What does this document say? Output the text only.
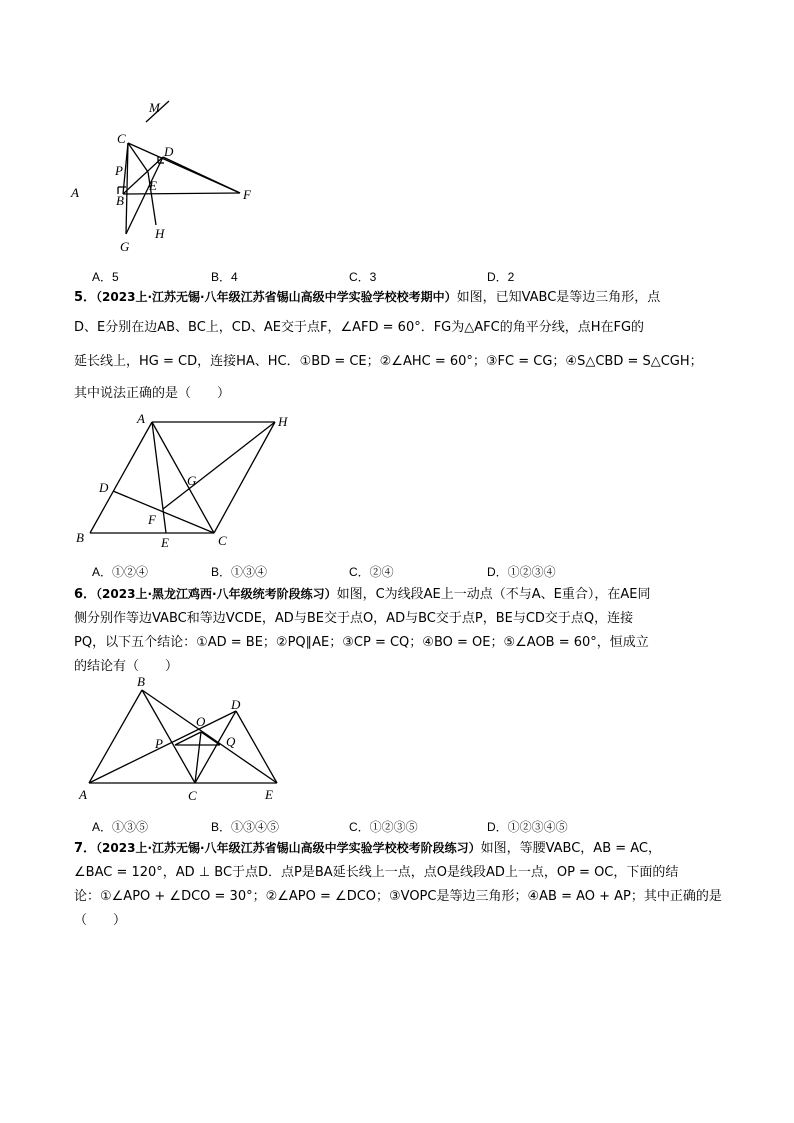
M
C
D
P
A	E
F
B
G
H
A．5	B．4	C．3	D．2
5．（2023上·江苏无锡·八年级江苏省锡山高级中学实验学校校考期中）如图，已知VABC是等边三角形，点
D、E分别在边AB、BC上，CD、AE交于点F，∠AFD = 60°．FG为△AFC的角平分线，点H在FG的
延长线上，HG = CD，连接HA、HC．①BD = CE；②∠AHC = 60°；③FC = CG；④S△CBD = S△CGH；
其中说法正确的是（　　）
A	H
D	G
F
B	E	C
A．①②④	B．①③④	C．②④	D．①②③④
6．（2023上·黑龙江鸡西·八年级统考阶段练习）如图，C为线段AE上一动点（不与A、E重合），在AE同
侧分别作等边VABC和等边VCDE，AD与BE交于点O，AD与BC交于点P，BE与CD交于点Q，连接
PQ，以下五个结论：①AD = BE；②PQ∥AE；③CP = CQ；④BO = OE；⑤∠AOB = 60°，恒成立
的结论有（　　）
B
D
O
P	Q
A	C	E
A．①③⑤	B．①③④⑤	C．①②③⑤	D．①②③④⑤
7．（2023上·江苏无锡·八年级江苏省锡山高级中学实验学校校考阶段练习）如图，等腰VABC，AB = AC，
∠BAC = 120°，AD ⊥ BC于点D．点P是BA延长线上一点，点O是线段AD上一点，OP = OC，下面的结
论：①∠APO + ∠DCO = 30°；②∠APO = ∠DCO；③VOPC是等边三角形；④AB = AO + AP；其中正确的是
（　　）
